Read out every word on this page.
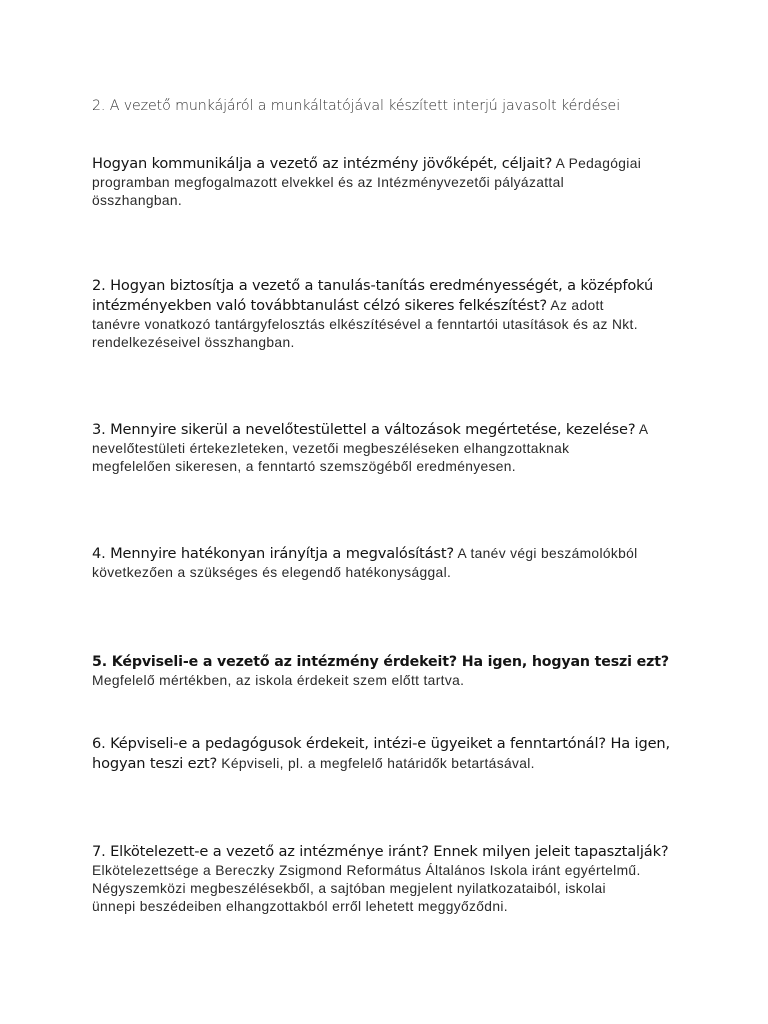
2. A vezető munkájáról a munkáltatójával készített interjú javasolt kérdései
Hogyan kommunikálja a vezető az intézmény jövőképét, céljait? A Pedagógiai
programban megfogalmazott elvekkel és az Intézményvezetői pályázattal
összhangban.
2. Hogyan biztosítja a vezető a tanulás-tanítás eredményességét, a középfokú
intézményekben való továbbtanulást célzó sikeres felkészítést? Az adott
tanévre vonatkozó tantárgyfelosztás elkészítésével a fenntartói utasítások és az Nkt.
rendelkezéseivel összhangban.
3. Mennyire sikerül a nevelőtestülettel a változások megértetése, kezelése? A
nevelőtestületi értekezleteken, vezetői megbeszéléseken elhangzottaknak
megfelelően sikeresen, a fenntartó szemszögéből eredményesen.
4. Mennyire hatékonyan irányítja a megvalósítást? A tanév végi beszámolókból
következően a szükséges és elegendő hatékonysággal.
5. Képviseli-e a vezető az intézmény érdekeit? Ha igen, hogyan teszi ezt?
Megfelelő mértékben, az iskola érdekeit szem előtt tartva.
6. Képviseli-e a pedagógusok érdekeit, intézi-e ügyeiket a fenntartónál? Ha igen,
hogyan teszi ezt? Képviseli, pl. a megfelelő határidők betartásával.
7. Elkötelezett-e a vezető az intézménye iránt? Ennek milyen jeleit tapasztalják?
Elkötelezettsége a Bereczky Zsigmond Református Általános Iskola iránt egyértelmű.
Négyszemközi megbeszélésekből, a sajtóban megjelent nyilatkozataiból, iskolai
ünnepi beszédeiben elhangzottakból erről lehetett meggyőződni.
